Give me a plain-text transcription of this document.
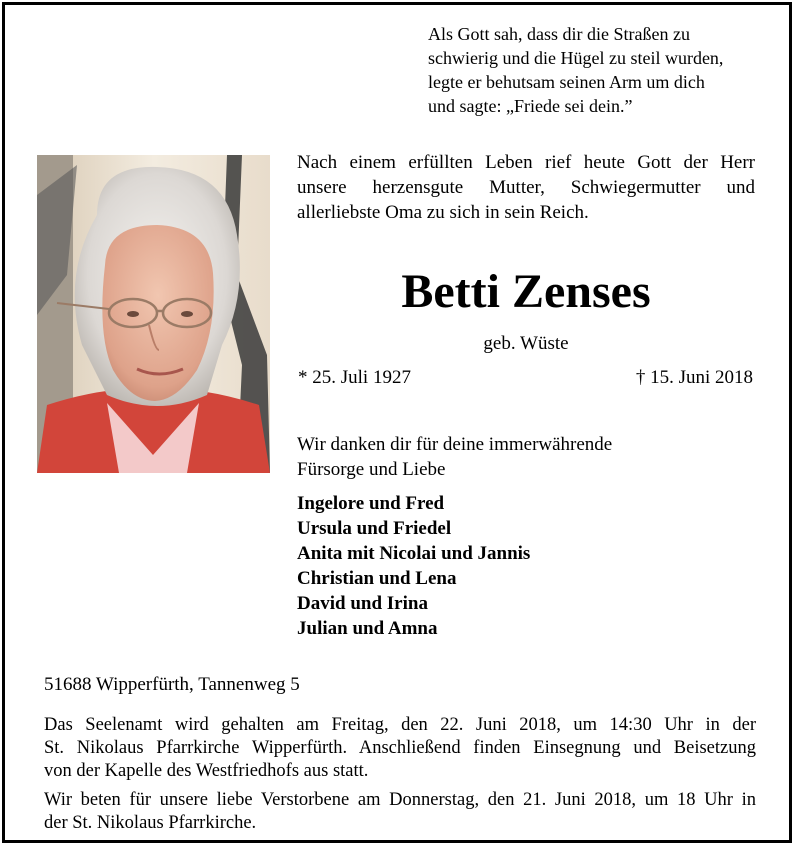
Als Gott sah, dass dir die Straßen zu
schwierig und die Hügel zu steil wurden,
legte er behutsam seinen Arm um dich
und sagte: „Friede sei dein.”
Nach einem erfüllten Leben rief heute Gott der Herr
unsere herzensgute Mutter, Schwiegermutter und
allerliebste Oma zu sich in sein Reich.
Betti Zenses
geb. Wüste
* 25. Juli 1927	† 15. Juni 2018
Wir danken dir für deine immerwährende
Fürsorge und Liebe
Ingelore und Fred
Ursula und Friedel
Anita mit Nicolai und Jannis
Christian und Lena
David und Irina
Julian und Amna
51688 Wipperfürth, Tannenweg 5

Das Seelenamt wird gehalten am Freitag, den 22. Juni 2018, um 14:30 Uhr in der
St. Nikolaus Pfarrkirche Wipperfürth. Anschließend finden Einsegnung und Beisetzung
von der Kapelle des Westfriedhofs aus statt.

Wir beten für unsere liebe Verstorbene am Donnerstag, den 21. Juni 2018, um 18 Uhr in
der St. Nikolaus Pfarrkirche.
